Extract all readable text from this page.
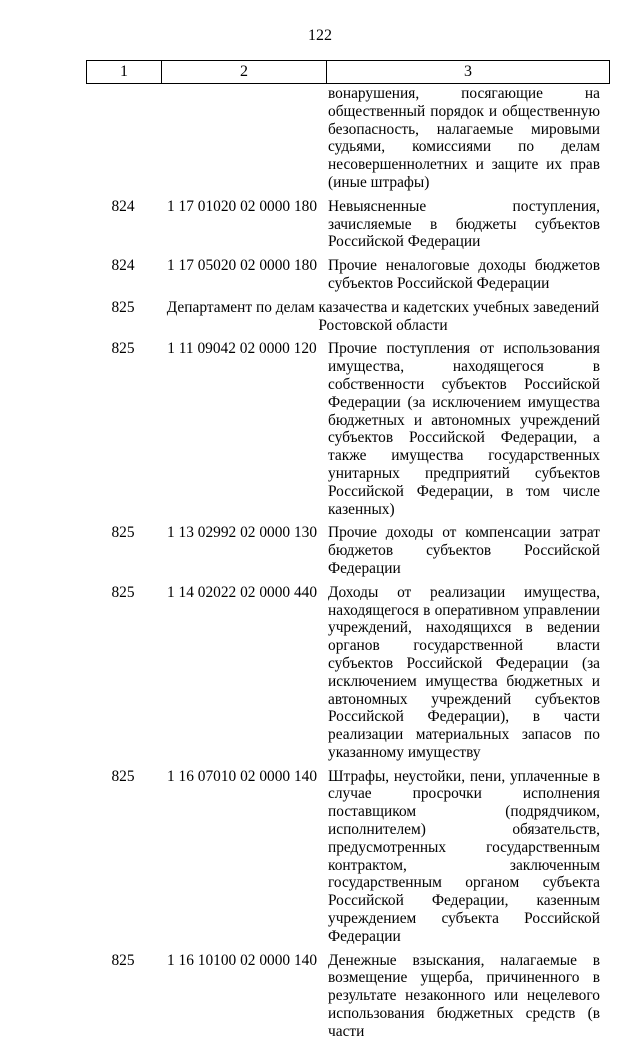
122
1	2	3
вонарушения, посягающие на общественный порядок и общественную безопасность, налагаемые мировыми судьями, комиссиями по делам несовершеннолетних и защите их прав (иные штрафы)
824	1 17 01020 02 0000 180 Невыясненные поступления, зачисляемые в бюджеты субъектов Российской Федерации
824	1 17 05020 02 0000 180 Прочие неналоговые доходы бюджетов субъектов Российской Федерации
825	Департамент по делам казачества и кадетских учебных заведений Ростовской области
825	1 11 09042 02 0000 120 Прочие поступления от использования имущества, находящегося в собственности субъектов Российской Федерации (за исключением имущества бюджетных и автономных учреждений субъектов Российской Федерации, а также имущества государственных унитарных предприятий субъектов Российской Федерации, в том числе казенных)
825	1 13 02992 02 0000 130 Прочие доходы от компенсации затрат бюджетов субъектов Российской Федерации
825	1 14 02022 02 0000 440 Доходы от реализации имущества, находящегося в оперативном управлении учреждений, находящихся в ведении органов государственной власти субъектов Российской Федерации (за исключением имущества бюджетных и автономных учреждений субъектов Российской Федерации), в части реализации материальных запасов по указанному имуществу
825	1 16 07010 02 0000 140 Штрафы, неустойки, пени, уплаченные в случае просрочки исполнения поставщиком (подрядчиком, исполнителем) обязательств, предусмотренных государственным контрактом, заключенным государственным органом субъекта Российской Федерации, казенным учреждением субъекта Российской Федерации
825	1 16 10100 02 0000 140 Денежные взыскания, налагаемые в возмещение ущерба, причиненного в результате незаконного или нецелевого использования бюджетных средств (в части
